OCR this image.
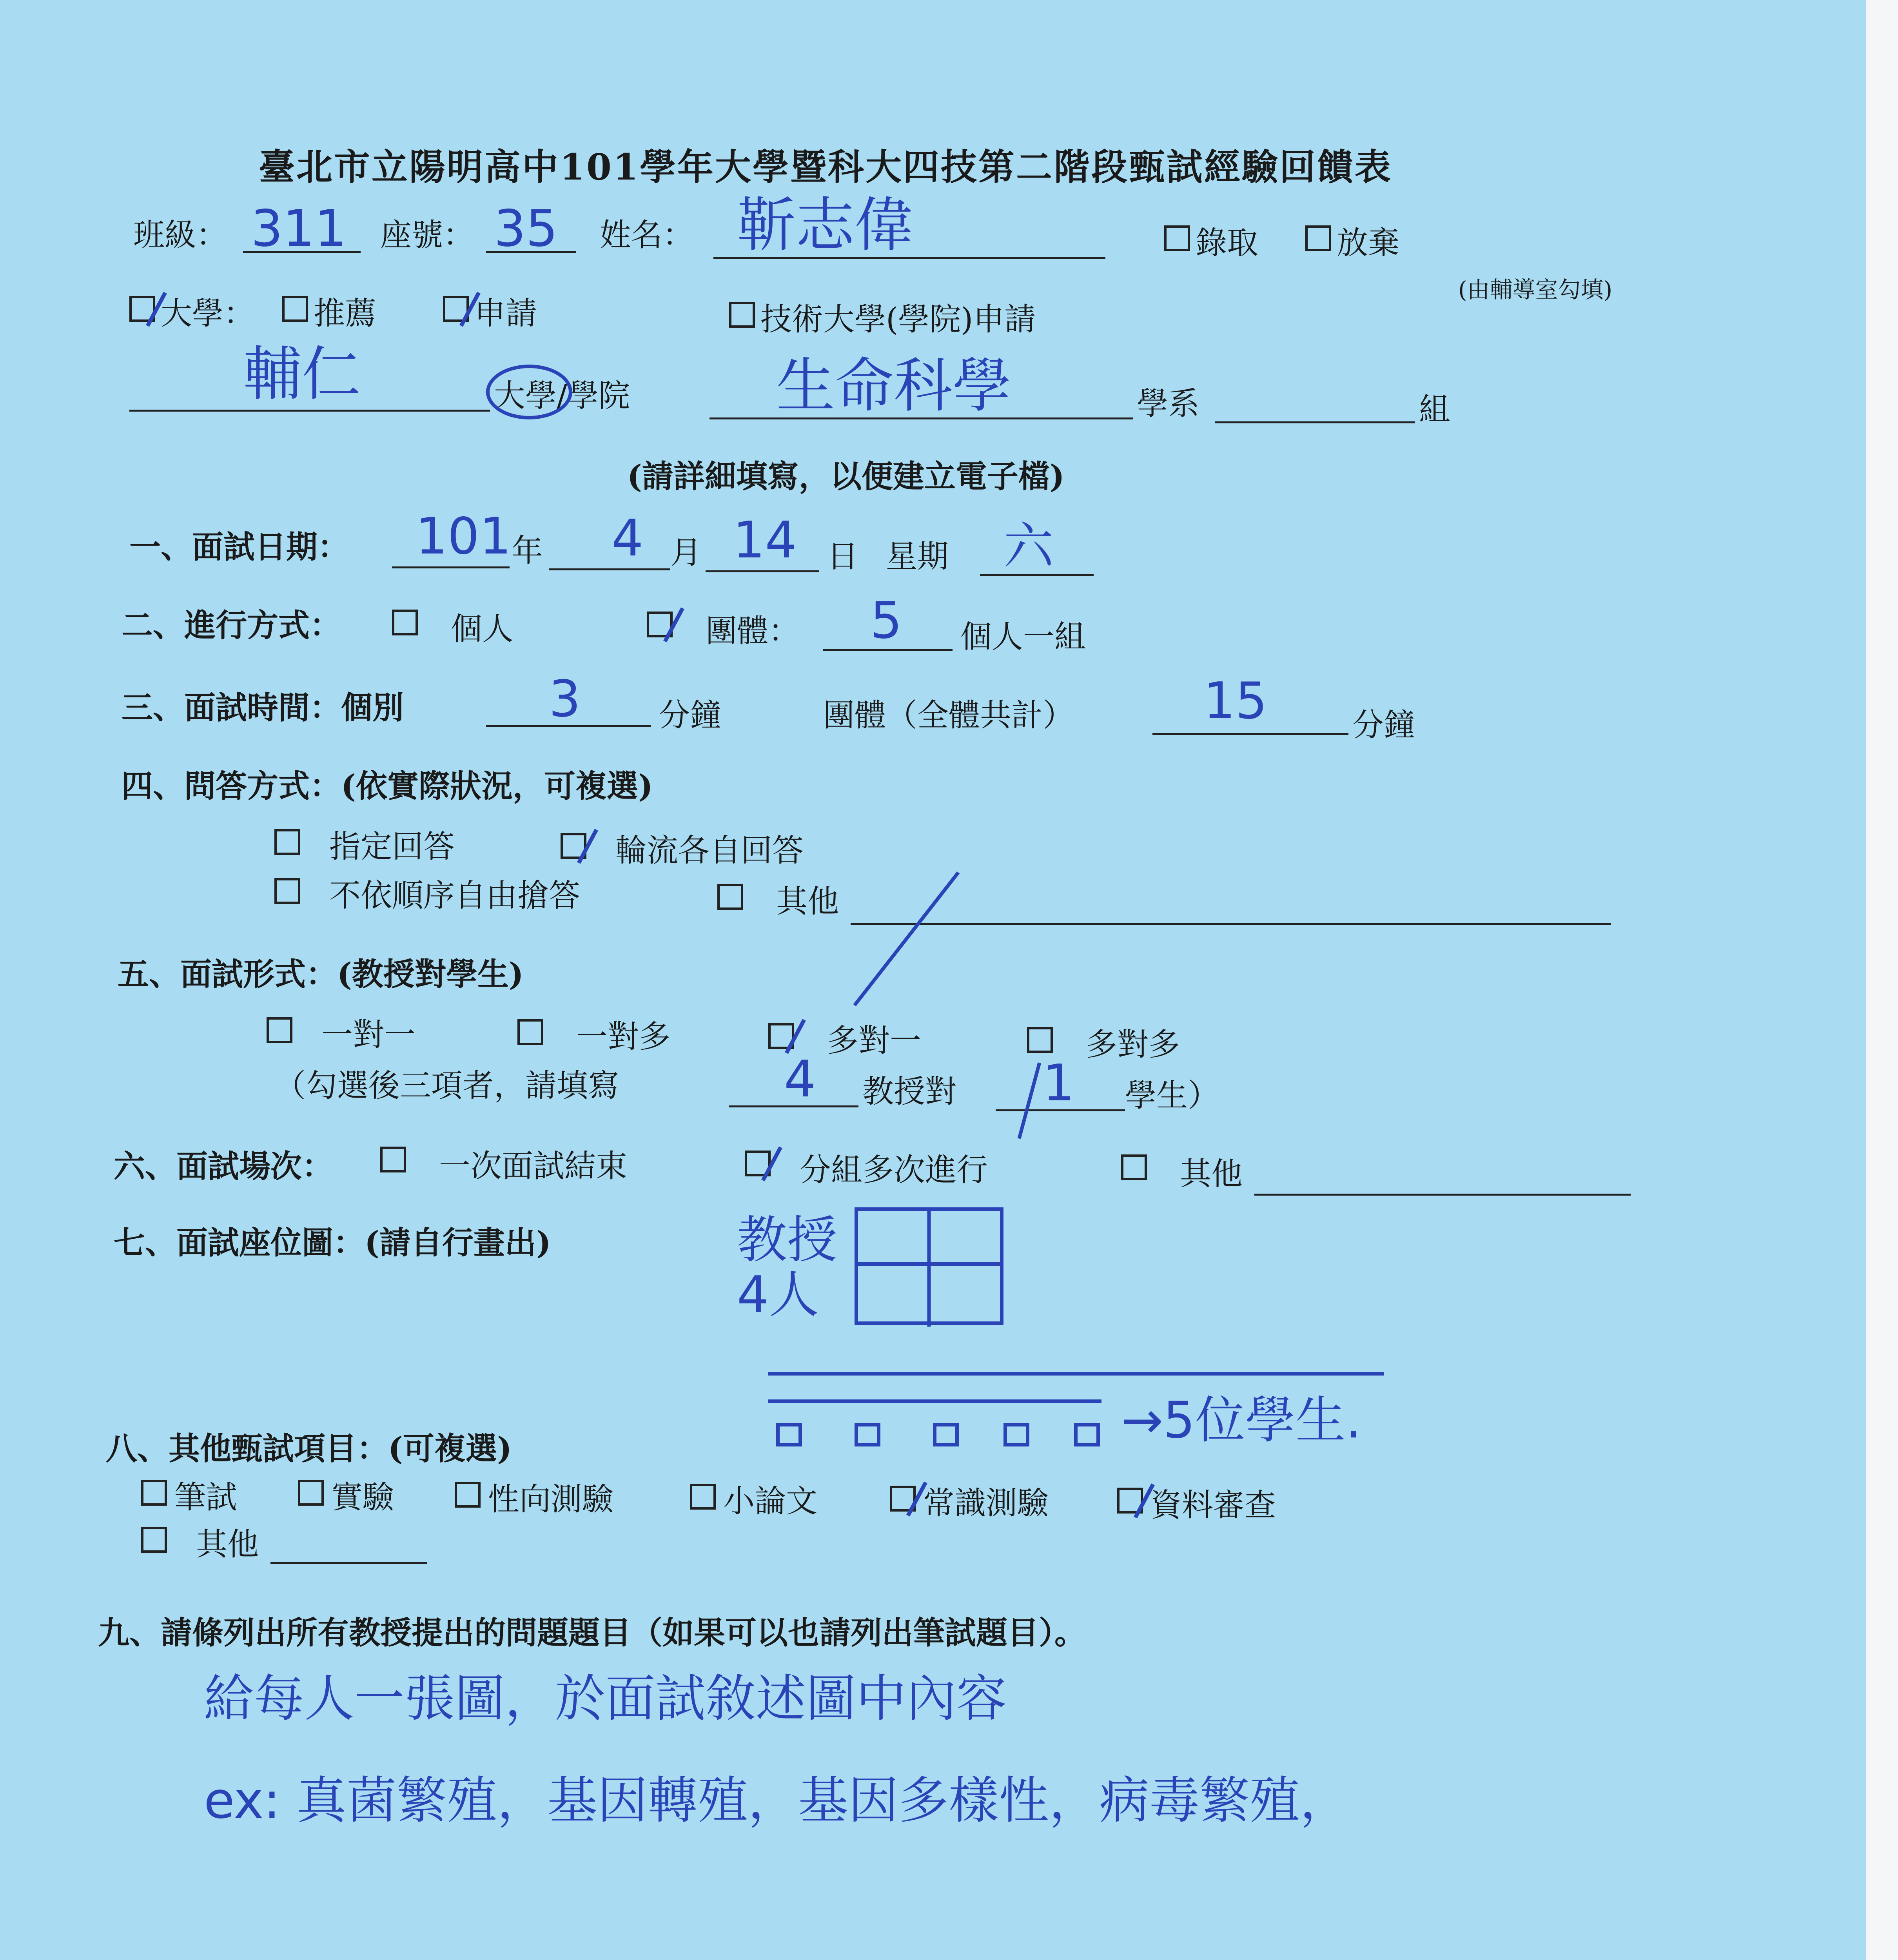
臺北市立陽明高中101學年大學暨科大四技第二階段甄試經驗回饋表
班級： 311 座號： 35 姓名： 靳志偉	錄取	放棄
(由輔導室勾填)
大學： 推薦	申請	技術大學(學院)申請
輔仁	大學/學院 生命科學	學系	組
(請詳細填寫，以便建立電子檔)
一、面試日期： 101 年 4 月 14 日 星期 六
二、進行方式：	個人	團體： 5 個人一組
三、面試時間：個別	3 分鐘	團體（全體共計）	15	分鐘
四、問答方式：(依實際狀況，可複選)
指定回答	輪流各自回答
不依順序自由搶答	其他
五、面試形式：(教授對學生)
一對一	一對多	多對一	多對多
（勾選後三項者，請填寫	4 教授對 1 學生）
六、面試場次：	一次面試結束	分組多次進行	其他
七、面試座位圖：(請自行畫出)	教授
4人
→5位學生.
八、其他甄試項目：(可複選)
筆試	實驗	性向測驗	小論文	常識測驗	資料審查
其他
九、請條列出所有教授提出的問題題目（如果可以也請列出筆試題目）。
給每人一張圖，於面試敘述圖中內容
ex: 真菌繁殖，基因轉殖，基因多樣性，病毒繁殖，
